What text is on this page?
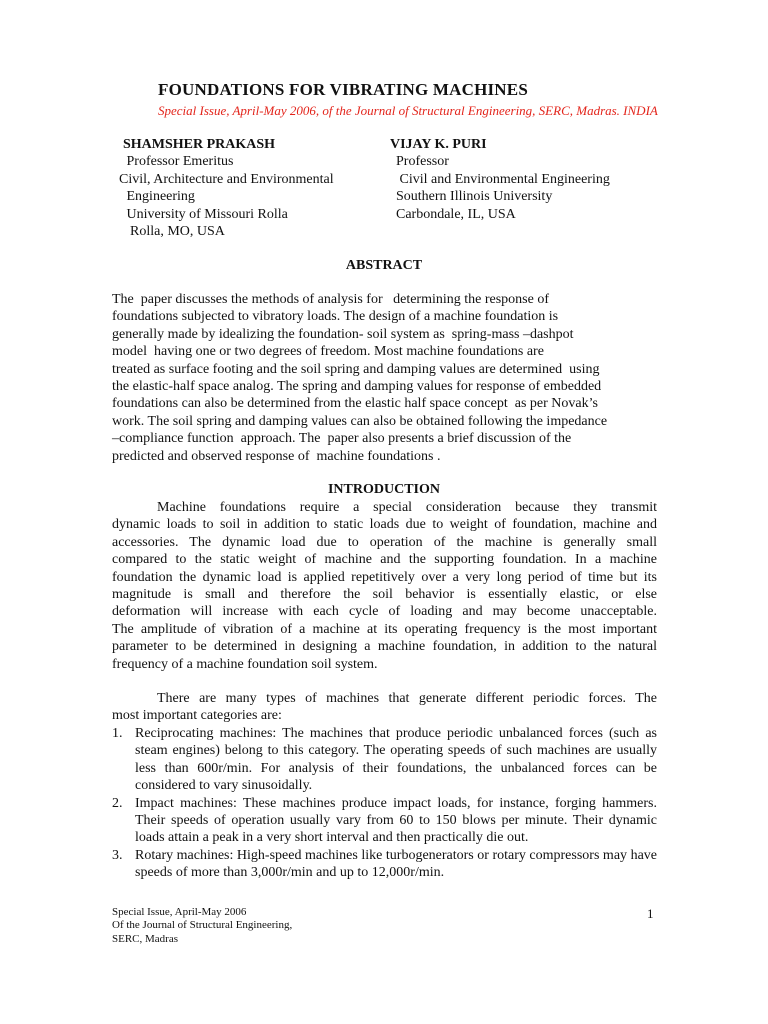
FOUNDATIONS FOR VIBRATING MACHINES
Special Issue, April-May 2006, of the Journal of Structural Engineering, SERC, Madras. INDIA
SHAMSHER PRAKASH
Professor Emeritus
Civil, Architecture and Environmental
Engineering
University of Missouri Rolla
Rolla, MO, USA
VIJAY K. PURI
Professor
Civil and Environmental Engineering
Southern Illinois University
Carbondale, IL, USA
ABSTRACT
The  paper discusses the methods of analysis for   determining the response of
foundations subjected to vibratory loads. The design of a machine foundation is
generally made by idealizing the foundation- soil system as  spring-mass –dashpot
model  having one or two degrees of freedom. Most machine foundations are
treated as surface footing and the soil spring and damping values are determined  using
the elastic-half space analog. The spring and damping values for response of embedded
foundations can also be determined from the elastic half space concept  as per Novak’s
work. The soil spring and damping values can also be obtained following the impedance
–compliance function  approach. The  paper also presents a brief discussion of the
predicted and observed response of  machine foundations .
INTRODUCTION
Machine foundations require a special consideration because they transmit
dynamic loads to soil in addition to static loads due to weight of foundation, machine and
accessories. The dynamic load due to operation of the machine is generally small
compared to the static weight of machine and the supporting foundation. In a machine
foundation the dynamic load is applied repetitively over a very long period of time but its
magnitude is small and therefore the soil behavior is essentially elastic, or else
deformation will increase with each cycle of loading and may become unacceptable.
The amplitude of vibration of a machine at its operating frequency is the most important
parameter to be determined in designing a machine foundation, in addition to the natural
frequency of a machine foundation soil system.
There are many types of machines that generate different periodic forces. The
most important categories are:
1. Reciprocating machines: The machines that produce periodic unbalanced forces (such as steam engines) belong to this category. The operating speeds of such machines are usually less than 600r/min. For analysis of their foundations, the unbalanced forces can be considered to vary sinusoidally.
2. Impact machines: These machines produce impact loads, for instance, forging hammers. Their speeds of operation usually vary from 60 to 150 blows per minute. Their dynamic loads attain a peak in a very short interval and then practically die out.
3. Rotary machines: High-speed machines like turbogenerators or rotary compressors may have speeds of more than 3,000r/min and up to 12,000r/min.
Special Issue, April-May 2006
Of the Journal of Structural Engineering,
SERC, Madras
1
